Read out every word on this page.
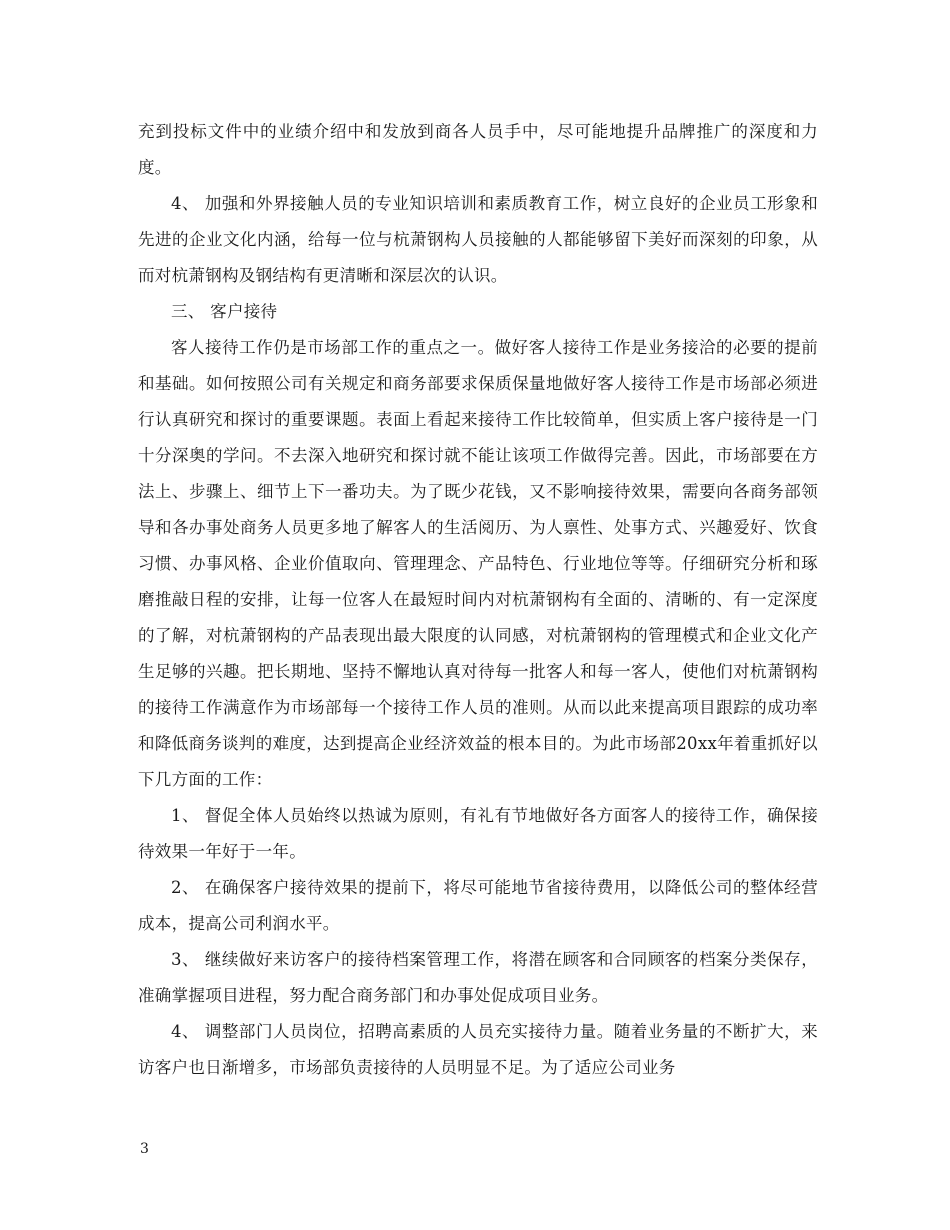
充到投标文件中的业绩介绍中和发放到商各人员手中，尽可能地提升品牌推广的深度和力度。

4、 加强和外界接触人员的专业知识培训和素质教育工作，树立良好的企业员工形象和先进的企业文化内涵，给每一位与杭萧钢构人员接触的人都能够留下美好而深刻的印象，从而对杭萧钢构及钢结构有更清晰和深层次的认识。

三、 客户接待

客人接待工作仍是市场部工作的重点之一。做好客人接待工作是业务接洽的必要的提前和基础。如何按照公司有关规定和商务部要求保质保量地做好客人接待工作是市场部必须进行认真研究和探讨的重要课题。表面上看起来接待工作比较简单，但实质上客户接待是一门十分深奥的学问。不去深入地研究和探讨就不能让该项工作做得完善。因此，市场部要在方法上、步骤上、细节上下一番功夫。为了既少花钱，又不影响接待效果，需要向各商务部领导和各办事处商务人员更多地了解客人的生活阅历、为人禀性、处事方式、兴趣爱好、饮食习惯、办事风格、企业价值取向、管理理念、产品特色、行业地位等等。仔细研究分析和琢磨推敲日程的安排，让每一位客人在最短时间内对杭萧钢构有全面的、清晰的、有一定深度的了解，对杭萧钢构的产品表现出最大限度的认同感，对杭萧钢构的管理模式和企业文化产生足够的兴趣。把长期地、坚持不懈地认真对待每一批客人和每一客人，使他们对杭萧钢构的接待工作满意作为市场部每一个接待工作人员的准则。从而以此来提高项目跟踪的成功率和降低商务谈判的难度，达到提高企业经济效益的根本目的。为此市场部20xx年着重抓好以下几方面的工作：

1、 督促全体人员始终以热诚为原则，有礼有节地做好各方面客人的接待工作，确保接待效果一年好于一年。

2、 在确保客户接待效果的提前下，将尽可能地节省接待费用，以降低公司的整体经营成本，提高公司利润水平。

3、 继续做好来访客户的接待档案管理工作，将潜在顾客和合同顾客的档案分类保存，准确掌握项目进程，努力配合商务部门和办事处促成项目业务。

4、 调整部门人员岗位，招聘高素质的人员充实接待力量。随着业务量的不断扩大，来访客户也日渐增多，市场部负责接待的人员明显不足。为了适应公司业务

3
